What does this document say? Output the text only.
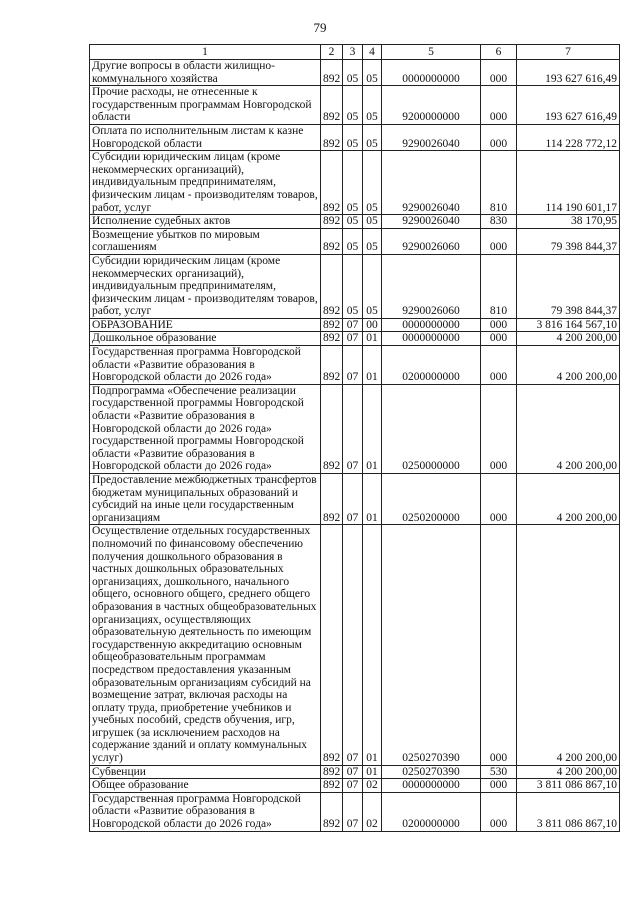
79
1	2	3	4	5	6	7
Другие вопросы в области жилищно-коммунального хозяйства	892	05	05	0000000000	000	193 627 616,49
Прочие расходы, не отнесенные к государственным программам Новгородской области	892	05	05	9200000000	000	193 627 616,49
Оплата по исполнительным листам к казне Новгородской области	892	05	05	9290026040	000	114 228 772,12
Субсидии юридическим лицам (кроме некоммерческих организаций), индивидуальным предпринимателям, физическим лицам - производителям товаров, работ, услуг	892	05	05	9290026040	810	114 190 601,17
Исполнение судебных актов	892	05	05	9290026040	830	38 170,95
Возмещение убытков по мировым соглашениям	892	05	05	9290026060	000	79 398 844,37
Субсидии юридическим лицам (кроме некоммерческих организаций), индивидуальным предпринимателям, физическим лицам - производителям товаров, работ, услуг	892	05	05	9290026060	810	79 398 844,37
ОБРАЗОВАНИЕ	892	07	00	0000000000	000	3 816 164 567,10
Дошкольное образование	892	07	01	0000000000	000	4 200 200,00
Государственная программа Новгородской области «Развитие образования в Новгородской области до 2026 года»	892	07	01	0200000000	000	4 200 200,00
Подпрограмма «Обеспечение реализации государственной программы Новгородской области «Развитие образования в Новгородской области до 2026 года» государственной программы Новгородской области «Развитие образования в Новгородской области до 2026 года»	892	07	01	0250000000	000	4 200 200,00
Предоставление межбюджетных трансфертов бюджетам муниципальных образований и субсидий на иные цели государственным организациям	892	07	01	0250200000	000	4 200 200,00
Осуществление отдельных государственных полномочий по финансовому обеспечению получения дошкольного образования в частных дошкольных образовательных организациях, дошкольного, начального общего, основного общего, среднего общего образования в частных общеобразовательных организациях, осуществляющих образовательную деятельность по имеющим государственную аккредитацию основным общеобразовательным программам посредством предоставления указанным образовательным организациям субсидий на возмещение затрат, включая расходы на оплату труда, приобретение учебников и учебных пособий, средств обучения, игр, игрушек (за исключением расходов на содержание зданий и оплату коммунальных услуг)	892	07	01	0250270390	000	4 200 200,00
Субвенции	892	07	01	0250270390	530	4 200 200,00
Общее образование	892	07	02	0000000000	000	3 811 086 867,10
Государственная программа Новгородской области «Развитие образования в Новгородской области до 2026 года»	892	07	02	0200000000	000	3 811 086 867,10
